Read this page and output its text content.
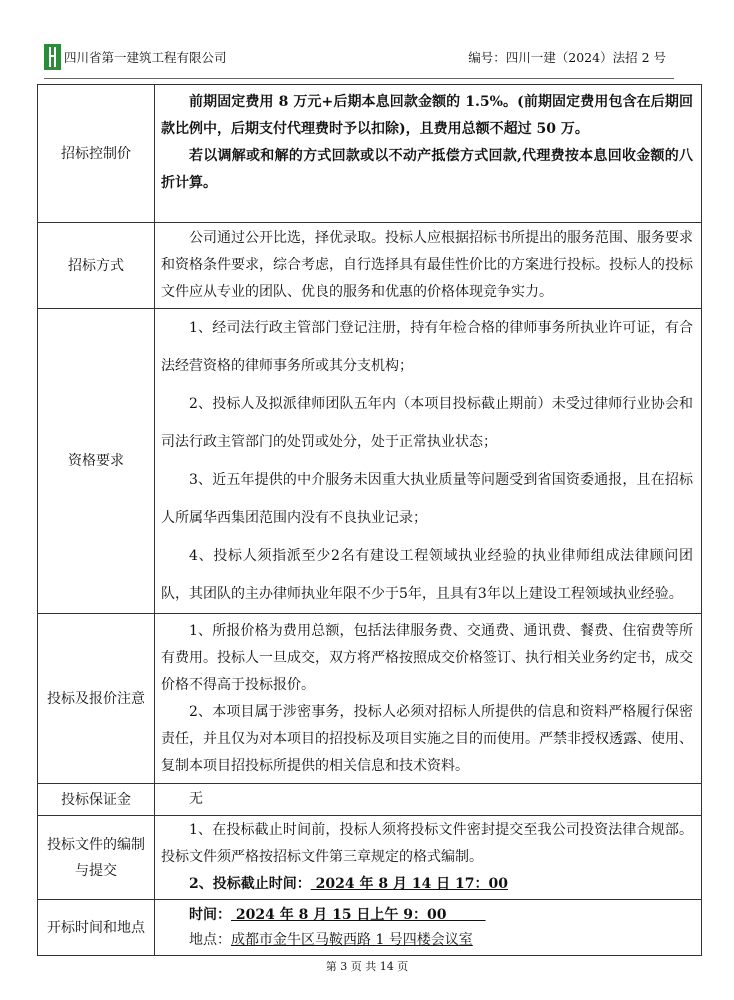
四川省第一建筑工程有限公司	编号：四川一建（2024）法招 2 号
招标控制价	前期固定费用 8 万元+后期本息回款金额的 1.5%。(前期固定费用包含在后期回款比例中，后期支付代理费时予以扣除)，且费用总额不超过 50 万。

若以调解或和解的方式回款或以不动产抵偿方式回款,代理费按本息回收金额的八折计算。

招标方式	公司通过公开比选，择优录取。投标人应根据招标书所提出的服务范围、服务要求和资格条件要求，综合考虑，自行选择具有最佳性价比的方案进行投标。投标人的投标文件应从专业的团队、优良的服务和优惠的价格体现竞争实力。

资格要求	1、经司法行政主管部门登记注册，持有年检合格的律师事务所执业许可证，有合法经营资格的律师事务所或其分支机构；

2、投标人及拟派律师团队五年内（本项目投标截止期前）未受过律师行业协会和司法行政主管部门的处罚或处分，处于正常执业状态；

3、近五年提供的中介服务未因重大执业质量等问题受到省国资委通报，且在招标人所属华西集团范围内没有不良执业记录；

4、投标人须指派至少2名有建设工程领域执业经验的执业律师组成法律顾问团队，其团队的主办律师执业年限不少于5年，且具有3年以上建设工程领域执业经验。

投标及报价注意	1、所报价格为费用总额，包括法律服务费、交通费、通讯费、餐费、住宿费等所有费用。投标人一旦成交，双方将严格按照成交价格签订、执行相关业务约定书，成交价格不得高于投标报价。

2、本项目属于涉密事务，投标人必须对招标人所提供的信息和资料严格履行保密责任，并且仅为对本项目的招投标及项目实施之目的而使用。严禁非授权透露、使用、复制本项目招投标所提供的相关信息和技术资料。

投标保证金	无

投标文件的编制与提交	1、在投标截止时间前，投标人须将投标文件密封提交至我公司投资法律合规部。投标文件须严格按招标文件第三章规定的格式编制。

2、投标截止时间： 2024 年 8 月 14 日 17：00

开标时间和地点	时间： 2024 年 8 月 15 日上午 9：00

地点：成都市金牛区马鞍西路 1 号四楼会议室

第 3 页 共 14 页
